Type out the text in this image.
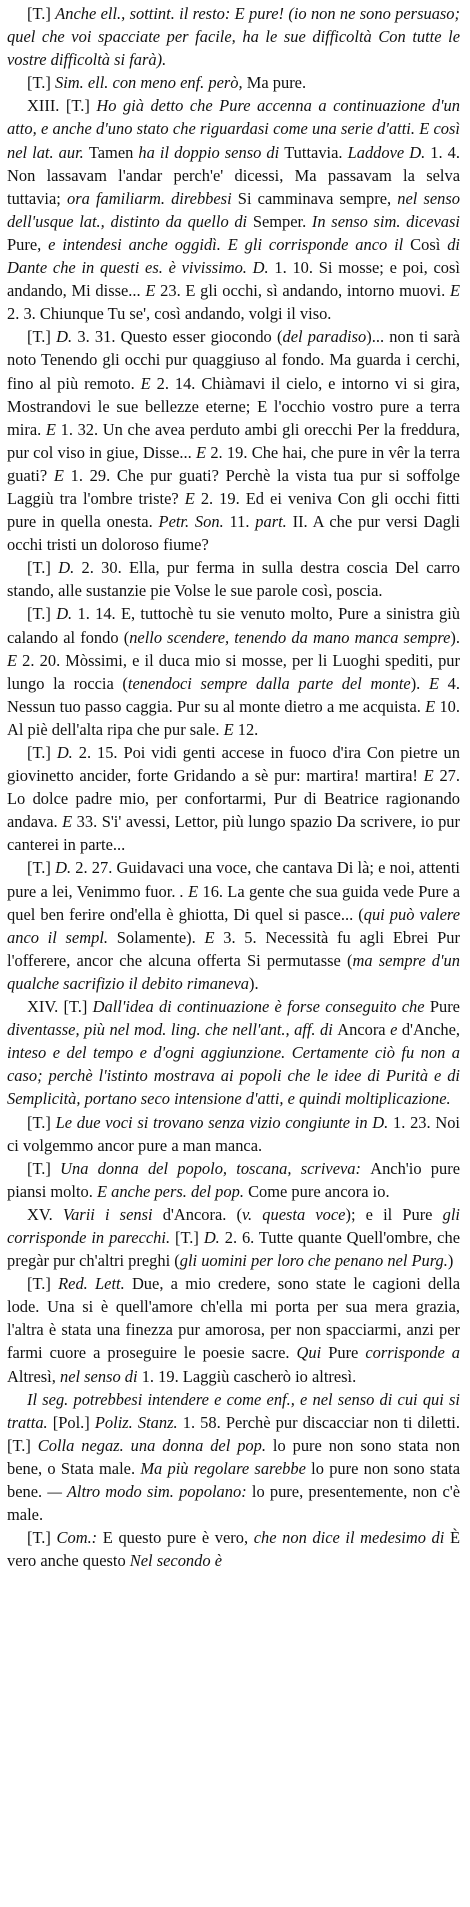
[T.] Anche ell., sottint. il resto: E pure! (io non ne sono persuaso; quel che voi spacciate per facile, ha le sue difficoltà Con tutte le vostre difficoltà si farà).

[T.] Sim. ell. con meno enf. però, Ma pure.

XIII. [T.] Ho già detto che Pure accenna a continuazione d'un atto, e anche d'uno stato che riguardasi come una serie d'atti. E così nel lat. aur. Tamen ha il doppio senso di Tuttavia. Laddove D. 1. 4. Non lassavam l'andar perch'e' dicessi, Ma passavam la selva tuttavia; ora familiarm. direbbesi Si camminava sempre, nel senso dell'usque lat., distinto da quello di Semper. In senso sim. dicevasi Pure, e intendesi anche oggidì. E gli corrisponde anco il Così di Dante che in questi es. è vivissimo. D. 1. 10. Si mosse; e poi, così andando, Mi disse... E 23. E gli occhi, sì andando, intorno muovi. E 2. 3. Chiunque Tu se', così andando, volgi il viso.

[T.] D. 3. 31. Questo esser giocondo (del paradiso)... non ti sarà noto Tenendo gli occhi pur quaggiuso al fondo. Ma guarda i cerchi, fino al più remoto. E 2. 14. Chiàmavi il cielo, e intorno vi si gira, Mostrandovi le sue bellezze eterne; E l'occhio vostro pure a terra mira. E 1. 32. Un che avea perduto ambi gli orecchi Per la freddura, pur col viso in giue, Disse... E 2. 19. Che hai, che pure in vêr la terra guati? E 1. 29. Che pur guati? Perchè la vista tua pur si soffolge Laggiù tra l'ombre triste? E 2. 19. Ed ei veniva Con gli occhi fitti pure in quella onesta. Petr. Son. 11. part. II. A che pur versi Dagli occhi tristi un doloroso fiume?

[T.] D. 2. 30. Ella, pur ferma in sulla destra coscia Del carro stando, alle sustanzie pie Volse le sue parole così, poscia.

[T.] D. 1. 14. E, tuttochè tu sie venuto molto, Pure a sinistra giù calando al fondo (nello scendere, tenendo da mano manca sempre). E 2. 20. Mòssimi, e il duca mio si mosse, per li Luoghi spediti, pur lungo la roccia (tenendoci sempre dalla parte del monte). E 4. Nessun tuo passo caggia. Pur su al monte dietro a me acquista. E 10. Al piè dell'alta ripa che pur sale. E 12.

[T.] D. 2. 15. Poi vidi genti accese in fuoco d'ira Con pietre un giovinetto ancider, forte Gridando a sè pur: martira! martira! E 27. Lo dolce padre mio, per confortarmi, Pur di Beatrice ragionando andava. E 33. S'i' avessi, Lettor, più lungo spazio Da scrivere, io pur canterei in parte...

[T.] D. 2. 27. Guidavaci una voce, che cantava Di là; e noi, attenti pure a lei, Venimmo fuor. . E 16. La gente che sua guida vede Pure a quel ben ferire ond'ella è ghiotta, Di quel si pasce... (qui può valere anco il sempl. Solamente). E 3. 5. Necessità fu agli Ebrei Pur l'offerere, ancor che alcuna offerta Si permutasse (ma sempre d'un qualche sacrifizio il debito rimaneva).

XIV. [T.] Dall'idea di continuazione è forse conseguito che Pure diventasse, più nel mod. ling. che nell'ant., aff. di Ancora e d'Anche, inteso e del tempo e d'ogni aggiunzione. Certamente ciò fu non a caso; perchè l'istinto mostrava ai popoli che le idee di Purità e di Semplicità, portano seco intensione d'atti, e quindi moltiplicazione.

[T.] Le due voci si trovano senza vizio congiunte in D. 1. 23. Noi ci volgemmo ancor pure a man manca.

[T.] Una donna del popolo, toscana, scriveva: Anch'io pure piansi molto. E anche pers. del pop. Come pure ancora io.

XV. Varii i sensi d'Ancora. (v. questa voce); e il Pure gli corrisponde in parecchi. [T.] D. 2. 6. Tutte quante Quell'ombre, che pregàr pur ch'altri preghi (gli uomini per loro che penano nel Purg.)

[T.] Red. Lett. Due, a mio credere, sono state le cagioni della lode. Una si è quell'amore ch'ella mi porta per sua mera grazia, l'altra è stata una finezza pur amorosa, per non spacciarmi, anzi per farmi cuore a proseguire le poesie sacre. Qui Pure corrisponde a Altresì, nel senso di 1. 19. Laggiù cascherò io altresì.

Il seg. potrebbesi intendere e come enf., e nel senso di cui qui si tratta. [Pol.] Poliz. Stanz. 1. 58. Perchè pur discacciar non ti diletti. [T.] Colla negaz. una donna del pop. lo pure non sono stata non bene, o Stata male. Ma più regolare sarebbe lo pure non sono stata bene. — Altro modo sim. popolano: lo pure, presentemente, non c'è male.

[T.] Com.: E questo pure è vero, che non dice il medesimo di È vero anche questo Nel secondo è
